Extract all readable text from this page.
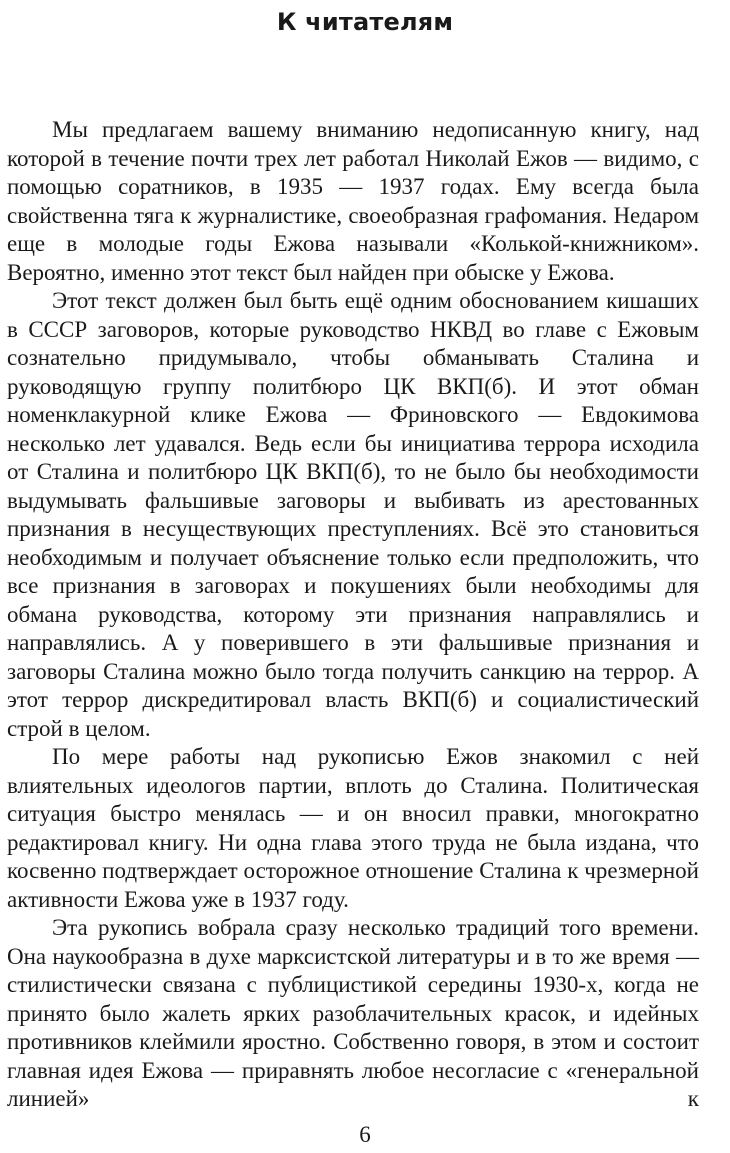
К читателям

Мы предлагаем вашему вниманию недописанную книгу, над которой в течение почти трех лет работал Николай Ежов — видимо, с помощью соратников, в 1935 — 1937 годах. Ему всегда была свойственна тяга к журналистике, своеобразная графомания. Недаром еще в молодые годы Ежова называли «Колькой-книжником». Вероятно, именно этот текст был найден при обыске у Ежова.

Этот текст должен был быть ещё одним обоснованием кишаших в СССР заговоров, которые руководство НКВД во главе с Ежовым сознательно придумывало, чтобы обманывать Сталина и руководящую группу политбюро ЦК ВКП(б). И этот обман номенклакурной клике Ежова — Фриновского — Евдокимова несколько лет удавался. Ведь если бы инициатива террора исходила от Сталина и политбюро ЦК ВКП(б), то не было бы необходимости выдумывать фальшивые заговоры и выбивать из арестованных признания в несуществующих преступлениях. Всё это становиться необходимым и получает объяснение только если предположить, что все признания в заговорах и покушениях были необходимы для обмана руководства, которому эти признания направлялись и направлялись. А у поверившего в эти фальшивые признания и заговоры Сталина можно было тогда получить санкцию на террор. А этот террор дискредитировал власть ВКП(б) и социалистический строй в целом.

По мере работы над рукописью Ежов знакомил с ней влиятельных идеологов партии, вплоть до Сталина. Политическая ситуация быстро менялась — и он вносил правки, многократно редактировал книгу. Ни одна глава этого труда не была издана, что косвенно подтверждает осторожное отношение Сталина к чрезмерной активности Ежова уже в 1937 году.

Эта рукопись вобрала сразу несколько традиций того времени. Она наукообразна в духе марксистской литературы и в то же время — стилистически связана с публицистикой середины 1930-х, когда не принято было жалеть ярких разоблачительных красок, и идейных противников клеймили яростно. Собственно говоря, в этом и состоит главная идея Ежова — приравнять любое несогласие с «генеральной линией» к

6
